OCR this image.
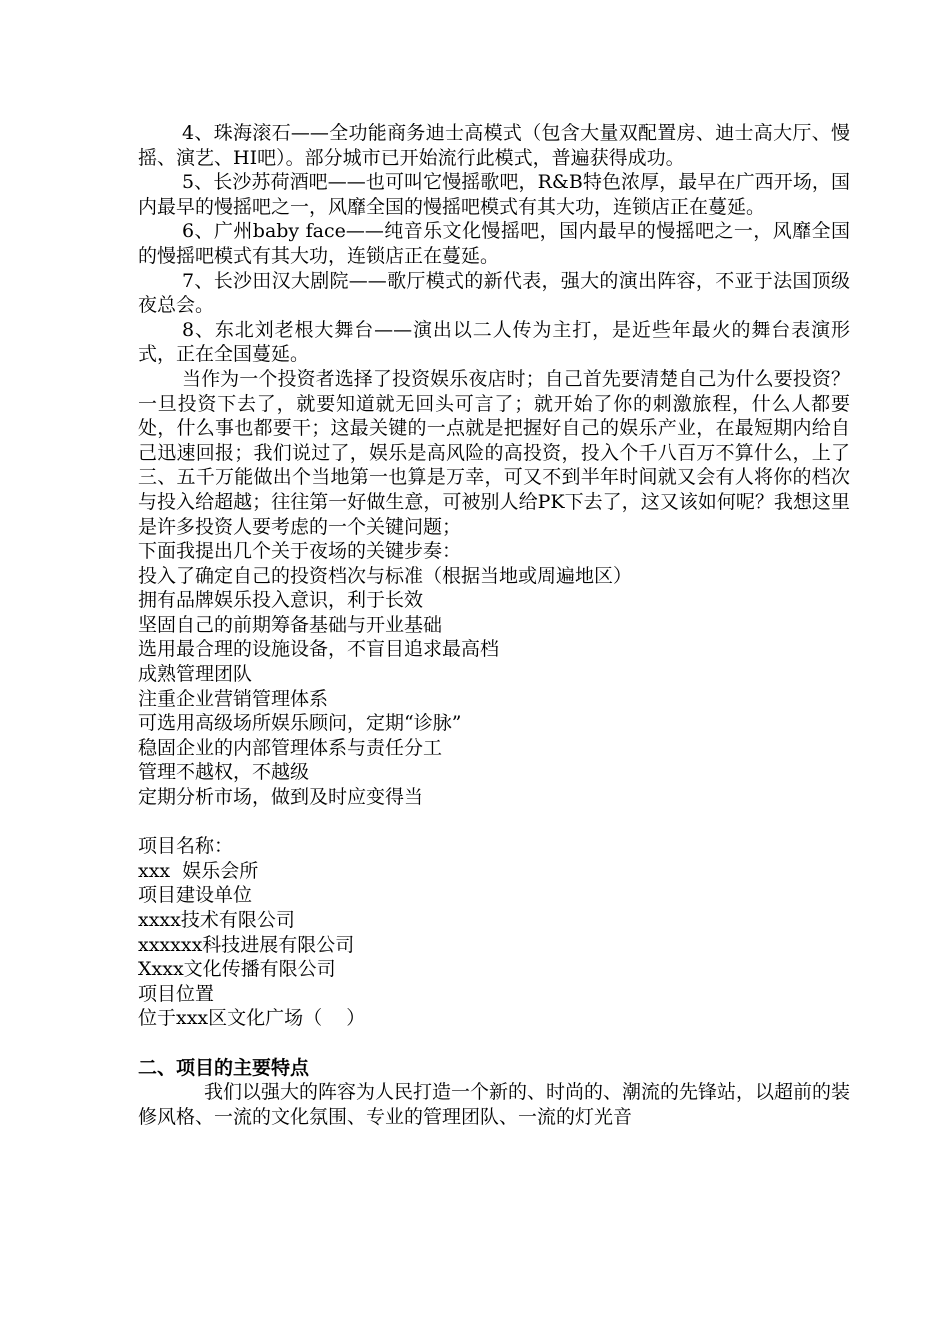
4、珠海滚石——全功能商务迪士高模式（包含大量双配置房、迪士高大厅、慢摇、演艺、HI吧）。部分城市已开始流行此模式，普遍获得成功。

5、长沙苏荷酒吧——也可叫它慢摇歌吧，R&B特色浓厚，最早在广西开场，国内最早的慢摇吧之一，风靡全国的慢摇吧模式有其大功，连锁店正在蔓延。

6、广州baby face——纯音乐文化慢摇吧，国内最早的慢摇吧之一，风靡全国的慢摇吧模式有其大功，连锁店正在蔓延。

7、长沙田汉大剧院——歌厅模式的新代表，强大的演出阵容，不亚于法国顶级夜总会。

8、东北刘老根大舞台——演出以二人传为主打，是近些年最火的舞台表演形式，正在全国蔓延。

当作为一个投资者选择了投资娱乐夜店时；自己首先要清楚自己为什么要投资？一旦投资下去了，就要知道就无回头可言了；就开始了你的刺激旅程，什么人都要处，什么事也都要干；这最关键的一点就是把握好自己的娱乐产业，在最短期内给自己迅速回报；我们说过了，娱乐是高风险的高投资，投入个千八百万不算什么，上了三、五千万能做出个当地第一也算是万幸，可又不到半年时间就又会有人将你的档次与投入给超越；往往第一好做生意，可被别人给PK下去了，这又该如何呢？我想这里是许多投资人要考虑的一个关键问题；

下面我提出几个关于夜场的关键步奏：

投入了确定自己的投资档次与标准（根据当地或周遍地区）

拥有品牌娱乐投入意识，利于长效

坚固自己的前期筹备基础与开业基础

选用最合理的设施设备，不盲目追求最高档

成熟管理团队

注重企业营销管理体系

可选用高级场所娱乐顾问，定期“诊脉”

稳固企业的内部管理体系与责任分工

管理不越权，不越级

定期分析市场，做到及时应变得当

项目名称：

xxx  娱乐会所

项目建设单位

xxxx技术有限公司

xxxxxx科技进展有限公司

Xxxx文化传播有限公司

项目位置

位于xxx区文化广场（    ）

二、项目的主要特点

我们以强大的阵容为人民打造一个新的、时尚的、潮流的先锋站，以超前的装修风格、一流的文化氛围、专业的管理团队、一流的灯光音
